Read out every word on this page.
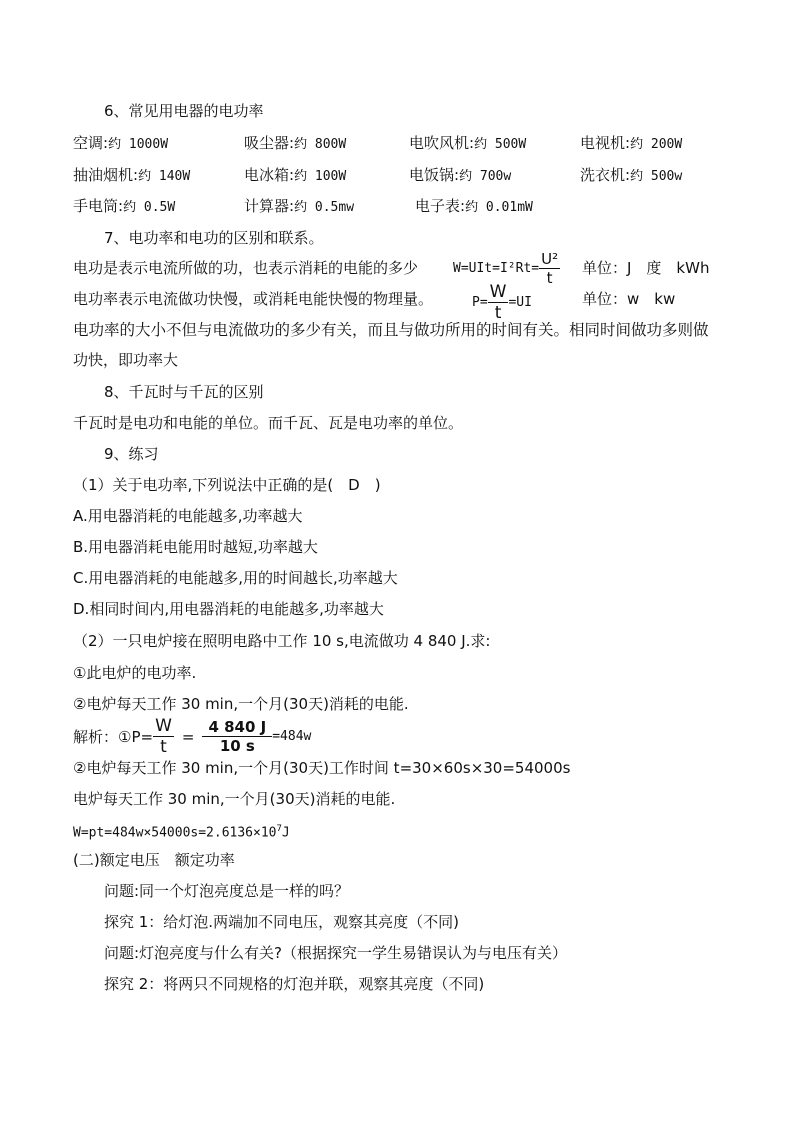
6、常见用电器的电功率
空调:约 1000W	吸尘器:约 800W	电吹风机:约 500W	电视机:约 200W
抽油烟机:约 140W	电冰箱:约 100W	电饭锅:约 700w	洗衣机:约 500w
手电筒:约 0.5W	计算器:约 0.5mw	电子表:约 0.01mW
7、电功率和电功的区别和联系。
电功是表示电流所做的功，也表示消耗的电能的多少	$W=UIt=I^2Rt= \frac{\text{U²}}{t}$ 单位：J　度　kWh
电功率表示电流做功快慢，或消耗电能快慢的物理量。	$P= \frac{W}{t} =UI$	单位：w　kw
电功率的大小不但与电流做功的多少有关，而且与做功所用的时间有关。相同时间做功多则做
功快，即功率大
8、千瓦时与千瓦的区别
千瓦时是电功和电能的单位。而千瓦、瓦是电功率的单位。
9、练习
（1）关于电功率,下列说法中正确的是(　D　)
A.用电器消耗的电能越多,功率越大
B.用电器消耗电能用时越短,功率越大
C.用电器消耗的电能越多,用的时间越长,功率越大
D.相同时间内,用电器消耗的电能越多,功率越大
（2）一只电炉接在照明电路中工作 10 s,电流做功 4 840 J.求:
①此电炉的电功率.
②电炉每天工作 30 min,一个月(30天)消耗的电能.
解析：①P= $\frac{W}{t} = \frac{4 840 J}{10 s} =484w$
②电炉每天工作 30 min,一个月(30天)工作时间 t=30×60s×30=54000s
电炉每天工作 30 min,一个月(30天)消耗的电能.
$W=pt=484w\times 54000s=2.6136\times 10^7J$
(二)额定电压　额定功率
问题:同一个灯泡亮度总是一样的吗？
探究 1：给灯泡.两端加不同电压，观察其亮度（不同)
问题:灯泡亮度与什么有关?（根据探究一学生易错误认为与电压有关）
探究 2：将两只不同规格的灯泡并联，观察其亮度（不同)
